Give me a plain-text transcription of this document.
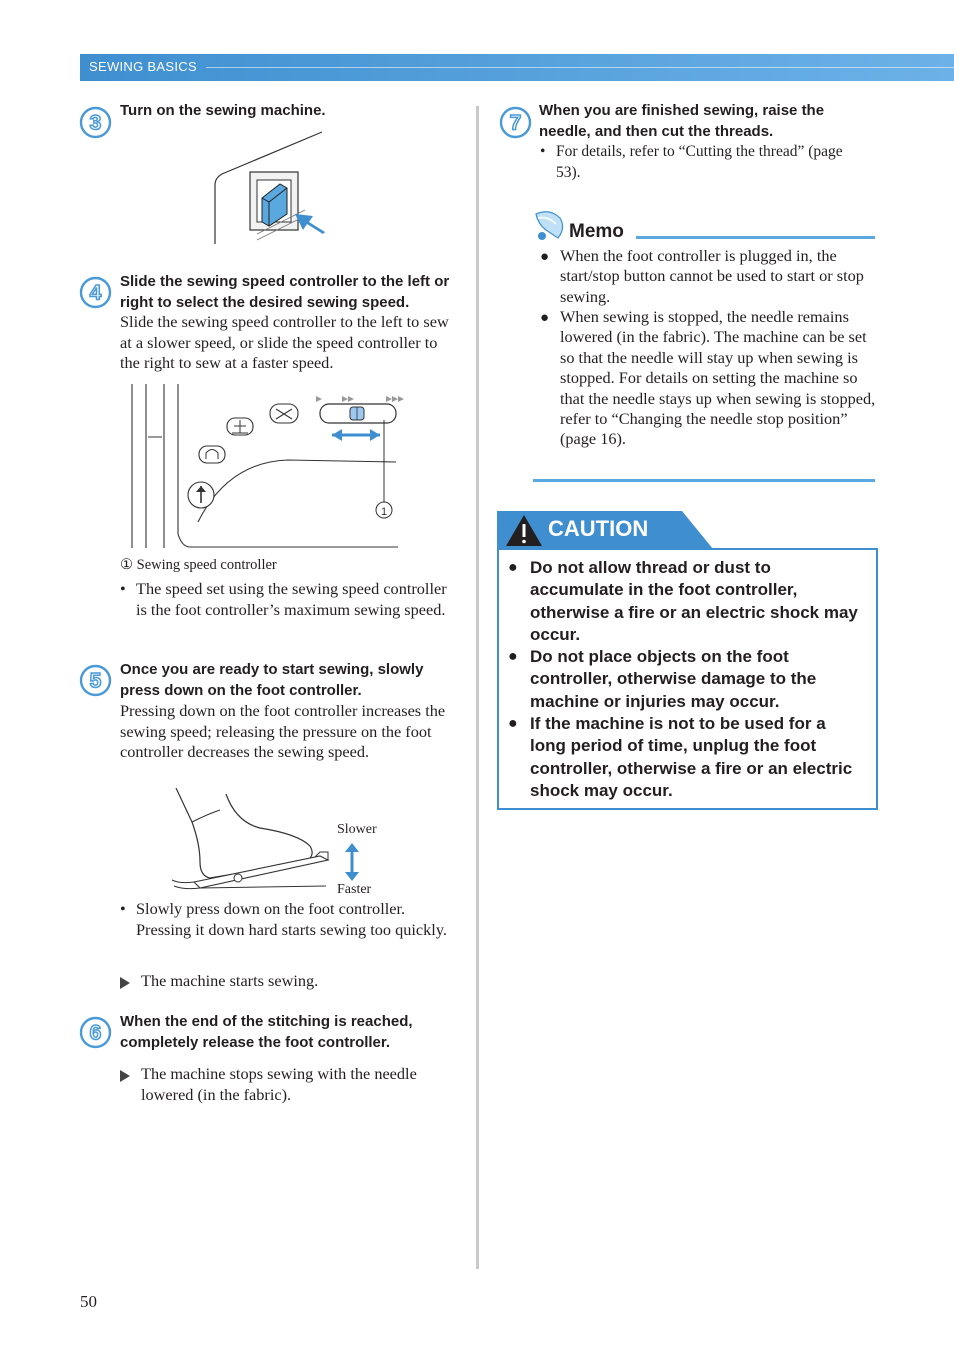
SEWING BASICS
3
Turn on the sewing machine.
4 Slide the sewing speed controller to the left or right to select the desired sewing speed.
Slide the sewing speed controller to the left to sew at a slower speed, or slide the speed controller to the right to sew at a faster speed.
1
① Sewing speed controller
• The speed set using the sewing speed controller is the foot controller’s maximum sewing speed.
5 Once you are ready to start sewing, slowly press down on the foot controller.
Pressing down on the foot controller increases the sewing speed; releasing the pressure on the foot controller decreases the sewing speed.
Slower
Faster
• Slowly press down on the foot controller. Pressing it down hard starts sewing too quickly.
The machine starts sewing.
6 When the end of the stitching is reached, completely release the foot controller.
The machine stops sewing with the needle lowered (in the fabric).
7
When you are finished sewing, raise the needle, and then cut the threads.
• For details, refer to “Cutting the thread” (page 53).
Memo
● When the foot controller is plugged in, the start/stop button cannot be used to start or stop sewing.
● When sewing is stopped, the needle remains lowered (in the fabric). The machine can be set so that the needle will stay up when sewing is stopped. For details on setting the machine so that the needle stays up when sewing is stopped, refer to “Changing the needle stop position” (page 16).
CAUTION
● Do not allow thread or dust to accumulate in the foot controller, otherwise a fire or an electric shock may occur.
● Do not place objects on the foot controller, otherwise damage to the machine or injuries may occur.
● If the machine is not to be used for a long period of time, unplug the foot controller, otherwise a fire or an electric shock may occur.
50
